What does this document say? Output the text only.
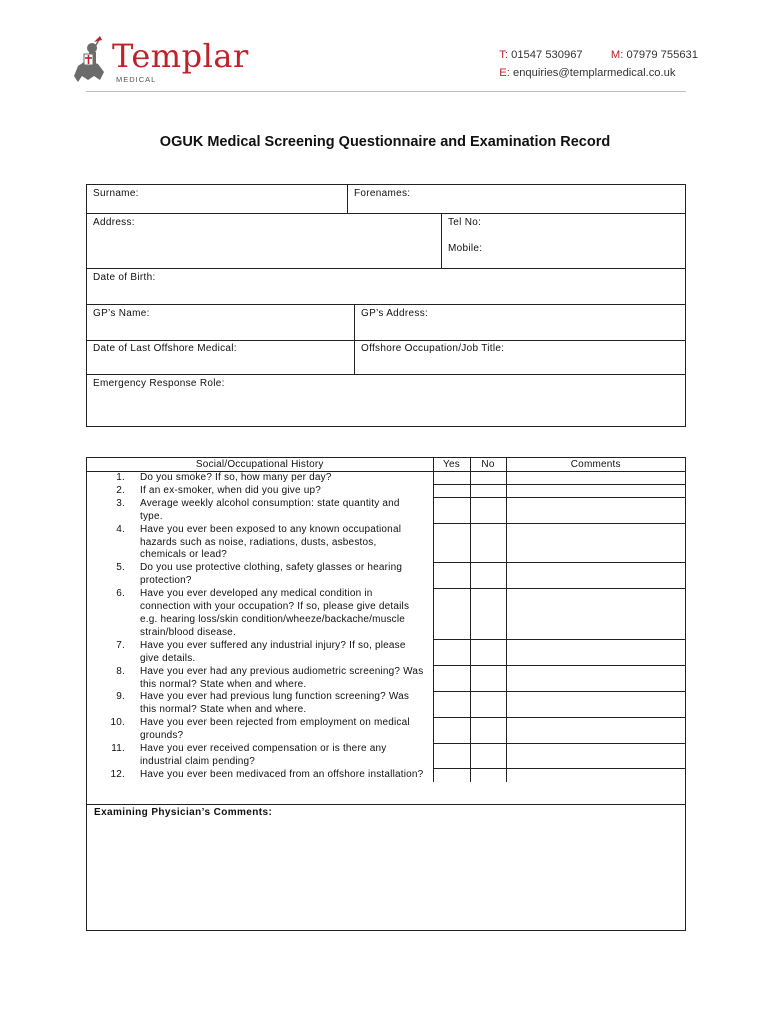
Templar
MEDICAL
T: 01547 530967	M: 07979 755631
E: enquiries@templarmedical.co.uk
OGUK Medical Screening Questionnaire and Examination Record
Surname:	Forenames:
Address:	Tel No:
Mobile:
Date of Birth:
GP’s Name:	GP’s Address:
Date of Last Offshore Medical:	Offshore Occupation/Job Title:
Emergency Response Role:
Social/Occupational History	Yes	No	Comments

1. Do you smoke? If so, how many per day?			

2. If an ex-smoker, when did you give up?			

3. Average weekly alcohol consumption: state quantity and type.			

4. Have you ever been exposed to any known occupational hazards such as noise, radiations, dusts, asbestos, chemicals or lead?			

5. Do you use protective clothing, safety glasses or hearing protection?			

6. Have you ever developed any medical condition in connection with your occupation? If so, please give details e.g. hearing loss/skin condition/wheeze/backache/muscle strain/blood disease.			

7. Have you ever suffered any industrial injury? If so, please give details.			

8. Have you ever had any previous audiometric screening? Was this normal? State when and where.			

9. Have you ever had previous lung function screening? Was this normal? State when and where.			

10. Have you ever been rejected from employment on medical grounds?			

11. Have you ever received compensation or is there any industrial claim pending?			

12. Have you ever been medivaced from an offshore installation?			

Examining Physician’s Comments:
